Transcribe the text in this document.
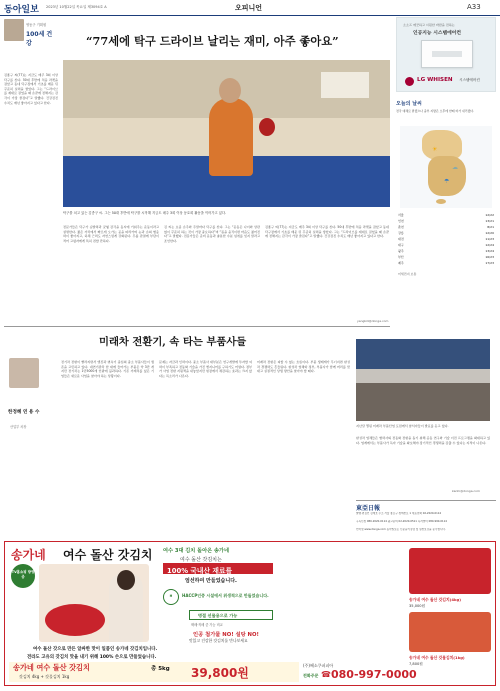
동아일보 2023년 10월22일 목요일 제3094호 A	오피니언	A33
영동구 기획원
100세 건강	“77세에 탁구 드라이브 날리는 재미, 아주 좋아요”
김종구 씨(77)는 지금도 매주 3회 이상 탁구를 친다. 50대 후반에 처음 라켓을 잡았고 동네 탁구장에서 기초를 배운 뒤 꾸준히 실력을 쌓았다. 그는 “드라이브를 제대로 걸었을 때 손끝에 전해지는 감각이 가장 즐겁다”고 말했다. 건강검진 수치도 매년 좋아지고 있다고 한다.
탁구를 치고 있는 김종구 씨. 그는 50대 후반에 탁구를 시작해 지금도 매주 3회 이상 동호회 활동을 이어가고 있다.
전문가들은 탁구가 순발력과 균형 감각을 동시에 키워주는 운동이라고 설명한다. 짧은 거리에서 빠르게 오가는 공을 따라가며 눈과 손의 협응력이 좋아지고, 하체 근력도 자연스럽게 강화된다. 무릎 관절에 부담이 적어 고령자에게 특히 권할 만하다.
김 씨는 요즘 손주와 주말마다 탁구를 친다. 그는 “운동은 나이와 상관없이 꾸준히 하는 것이 가장 중요하다”며 “몸을 움직이면 마음도 젊어진다”고 말했다. 전문가들은 준비 운동과 충분한 수분 섭취를 잊지 말라고 조언한다.
김종구 씨(77)는 지금도 매주 3회 이상 탁구를 친다. 50대 후반에 처음 라켓을 잡았고 동네 탁구장에서 기초를 배운 뒤 꾸준히 실력을 쌓았다. 그는 “드라이브를 제대로 걸었을 때 손끝에 전해지는 감각이 가장 즐겁다”고 말했다. 건강검진 수치도 매년 좋아지고 있다고 한다.
yangkill@donga.com
미래차 전환기, 속 타는 부품사들
한정혜 연 용 수
산업부 차장
전기차 전환이 빨라지면서 엔진과 변속기 중심의 중소 부품사들이 생존을 고민하고 있다. 내연기관차 한 대에 들어가는 부품은 약 3만 개지만 전기차는 1만5000개 안팎에 불과하다. 기존 거래처를 잃은 기업들은 새로운 사업을 찾아야 하는 상황이다.
문제는 자금과 인력이다. 중소 부품사 대부분은 연구개발에 투자할 여력이 부족하고 전동화 기술을 가진 엔지니어를 구하기도 어렵다. 정부가 사업 전환 지원책을 내놓았지만 현장에서 체감하는 효과는 크지 않다는 목소리가 나온다.
미래차 전환은 피할 수 없는 흐름이다. 부품 생태계가 무너지면 완성차 경쟁력도 흔들린다. 완성차 업체와 정부, 부품사가 함께 머리를 맞대고 실질적인 상생 방안을 찾아야 할 때다.
소소프 깨끗하고 시원한 바람을 전하는
인공지능 시스템에어컨
LG WHISEN 시스템에어컨
오늘의 날씨
전국 대체로 맑겠으나 중부 지방은 오후에 한때 비가 내리겠다.
☀
☁
☂
서울	12/22
인천	13/21
춘천	8/21
강릉	12/20
대전	11/23
대구	12/24
광주	13/24
부산	16/23
제주	17/23
미세먼지 보통
지난달 열린 미래차 부품산업 포럼에서 참석자들이 발표를 듣고 있다.
완성차 업체들은 협력사의 전동화 전환을 돕기 위해 공동 연구와 기술 이전 프로그램을 확대하고 있다. 업계에서는 부품사가 독자 기술을 확보해야 장기적인 경쟁력을 갖출 수 있다는 지적이 나온다.
kanhi@donga.com
東亞日報
발행·편집인 김재호 주소 서울 종로구 청계천로 1 대표전화 02-2020-0114
구독신청 080-2020-0114 광고문의 02-2020-0511 독자센터 080-990-0114
인터넷 www.donga.com 동아일보는 신문윤리강령 및 실천요강을 준수합니다.
송가네 여수 돌산 갓김치
TV홈쇼핑 방영중
여수 3대 김치 돌아온 송가네
여수 돌산 갓김치는
100% 국내산 재료를
엄선하여 만들었습니다.
H	HACCP인증 시설에서 위생적으로 만들었습니다.
명절 선물용으로 가능
택배·직배 중 가능 비교
인공 첨가물 NO! 설탕 NO!
맛있고 건강한 갓김치를 만나보세요
여수 돌산 갓으로 만든 알싸한 맛이 일품인 송가네 갓김치입니다.
전라도 고유의 갓김치 맛을 내기 위해 100% 손으로 만들었습니다.
송가네 여수 돌산 갓김치	총 5kg
갓김치 4kg + 갓물김치 1kg	39,800원
(주)혜소쿠퍼피아
전화주문 ☎ 080-997-0000
송가네 여수 돌산 갓김치(4kg)
35,000원
송가네 여수 돌산 갓물김치(1kg)
7,800원
